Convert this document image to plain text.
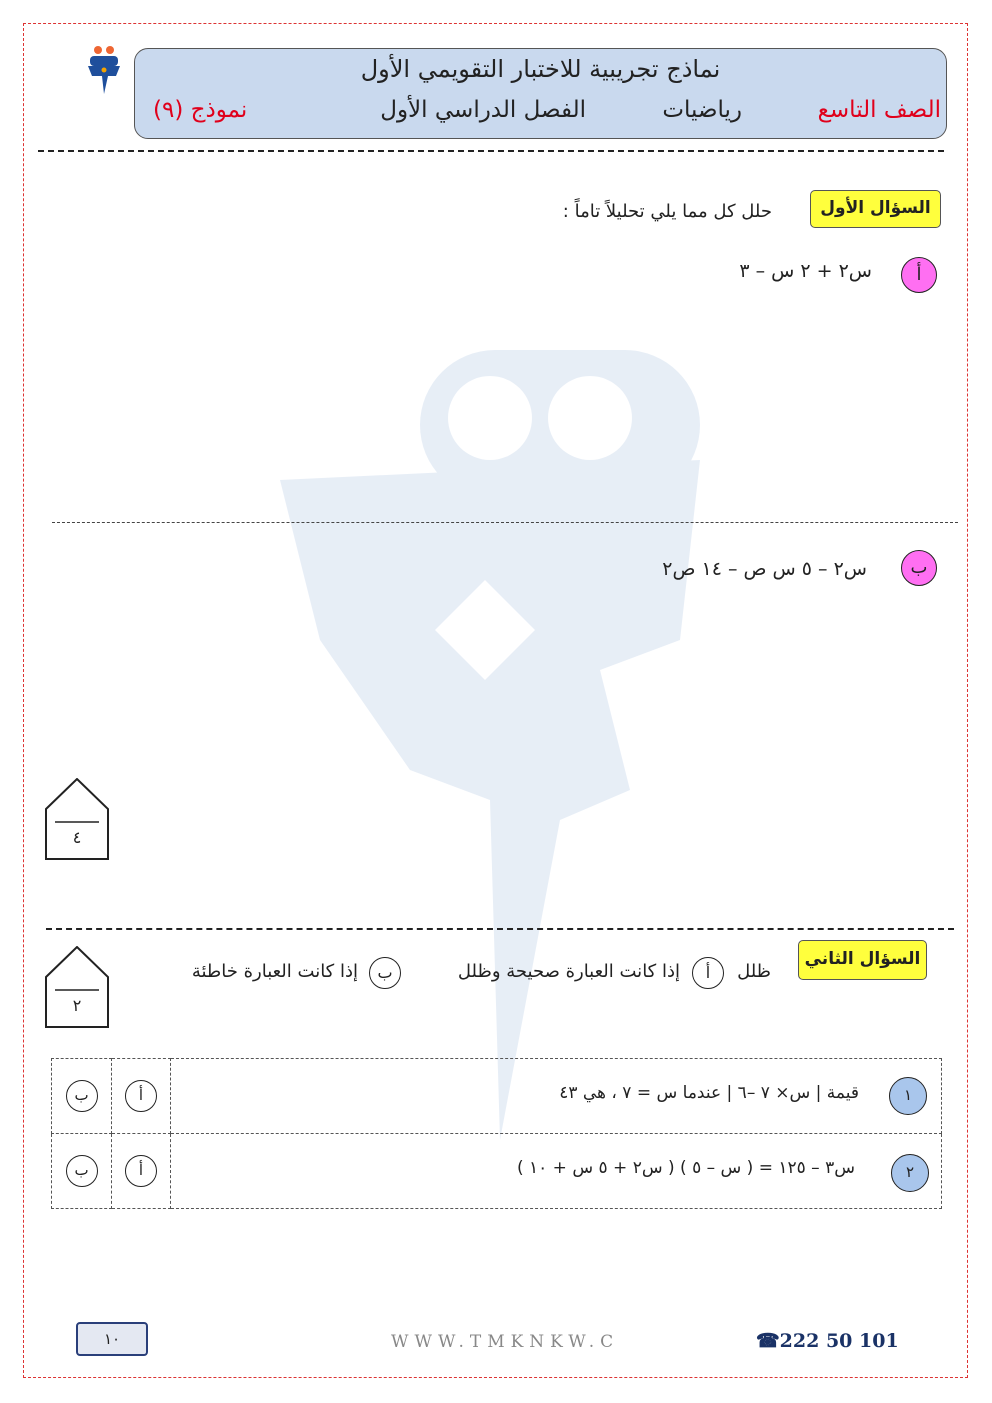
نماذج تجريبية للاختبار التقويمي الأول
الصف التاسع
رياضيات
الفصل الدراسي الأول
نموذج (٩)
السؤال الأول
حلل كل مما يلي تحليلاً تاماً :
أ
س٢ + ٢ س – ٣
ب
س٢ – ٥ س ص – ١٤ ص٢
٤
السؤال الثاني
ظلل
أ
إذا كانت العبارة صحيحة وظلل
ب
إذا كانت العبارة خاطئة
٢
ب	أ	قيمة | س× ٧ –٦ | عندما س = ٧ ، هي ٤٣ ١

ب	أ	س٣ – ١٢٥ = ( س – ٥ ) ( س٢ + ٥ س + ١٠ ) ٢
١٠	WWW.TMKNKW.C	☎222 50 101
